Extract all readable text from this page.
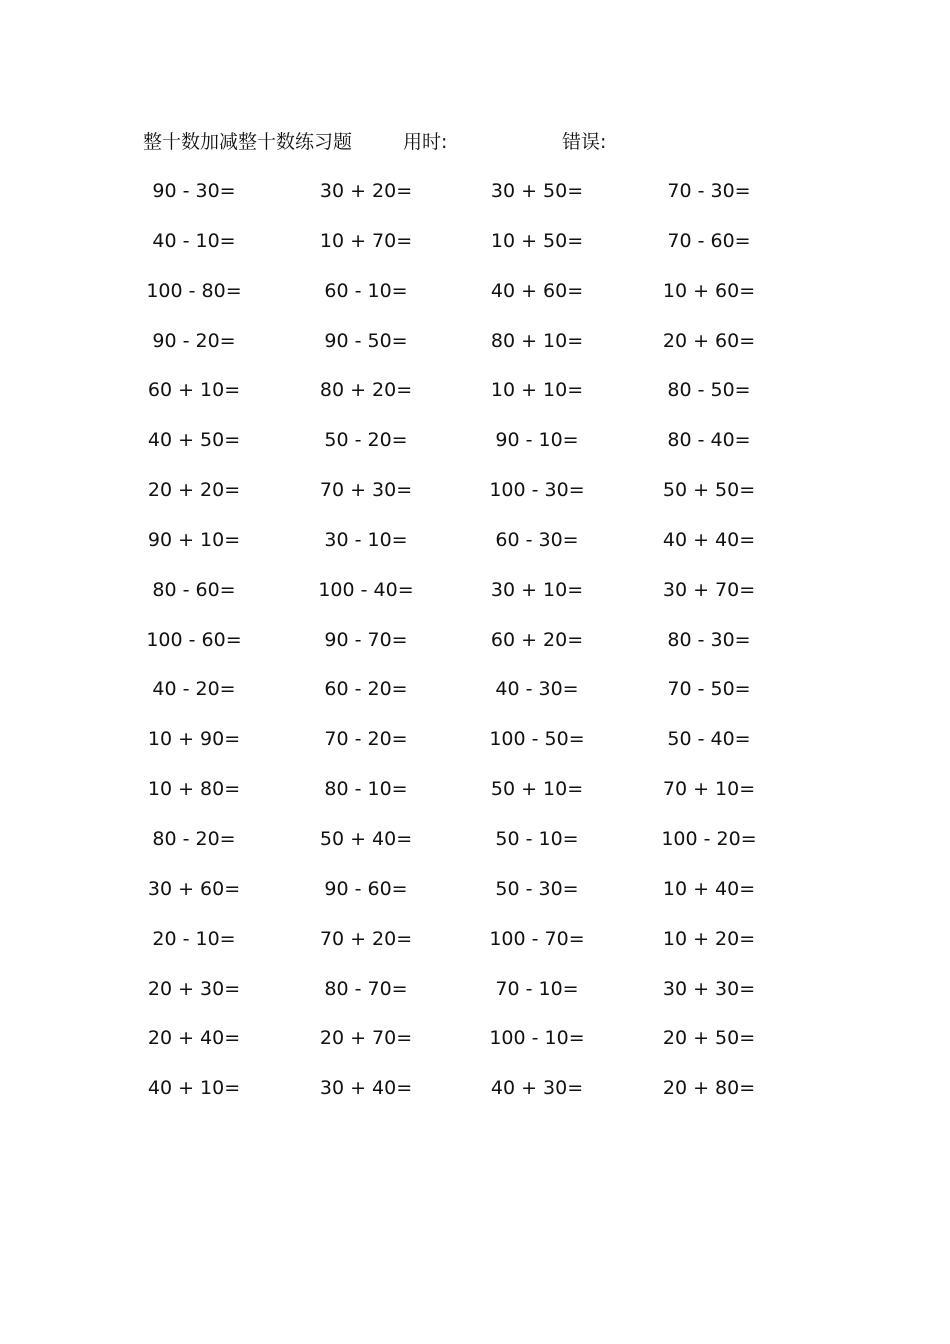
整十数加减整十数练习题	用时:	错误:
90 - 30=	30 + 20=	30 + 50=	70 - 30=
40 - 10=	10 + 70=	10 + 50=	70 - 60=
100 - 80=	60 - 10=	40 + 60=	10 + 60=
90 - 20=	90 - 50=	80 + 10=	20 + 60=
60 + 10=	80 + 20=	10 + 10=	80 - 50=
40 + 50=	50 - 20=	90 - 10=	80 - 40=
20 + 20=	70 + 30=	100 - 30=	50 + 50=
90 + 10=	30 - 10=	60 - 30=	40 + 40=
80 - 60=	100 - 40=	30 + 10=	30 + 70=
100 - 60=	90 - 70=	60 + 20=	80 - 30=
40 - 20=	60 - 20=	40 - 30=	70 - 50=
10 + 90=	70 - 20=	100 - 50=	50 - 40=
10 + 80=	80 - 10=	50 + 10=	70 + 10=
80 - 20=	50 + 40=	50 - 10=	100 - 20=
30 + 60=	90 - 60=	50 - 30=	10 + 40=
20 - 10=	70 + 20=	100 - 70=	10 + 20=
20 + 30=	80 - 70=	70 - 10=	30 + 30=
20 + 40=	20 + 70=	100 - 10=	20 + 50=
40 + 10=	30 + 40=	40 + 30=	20 + 80=
